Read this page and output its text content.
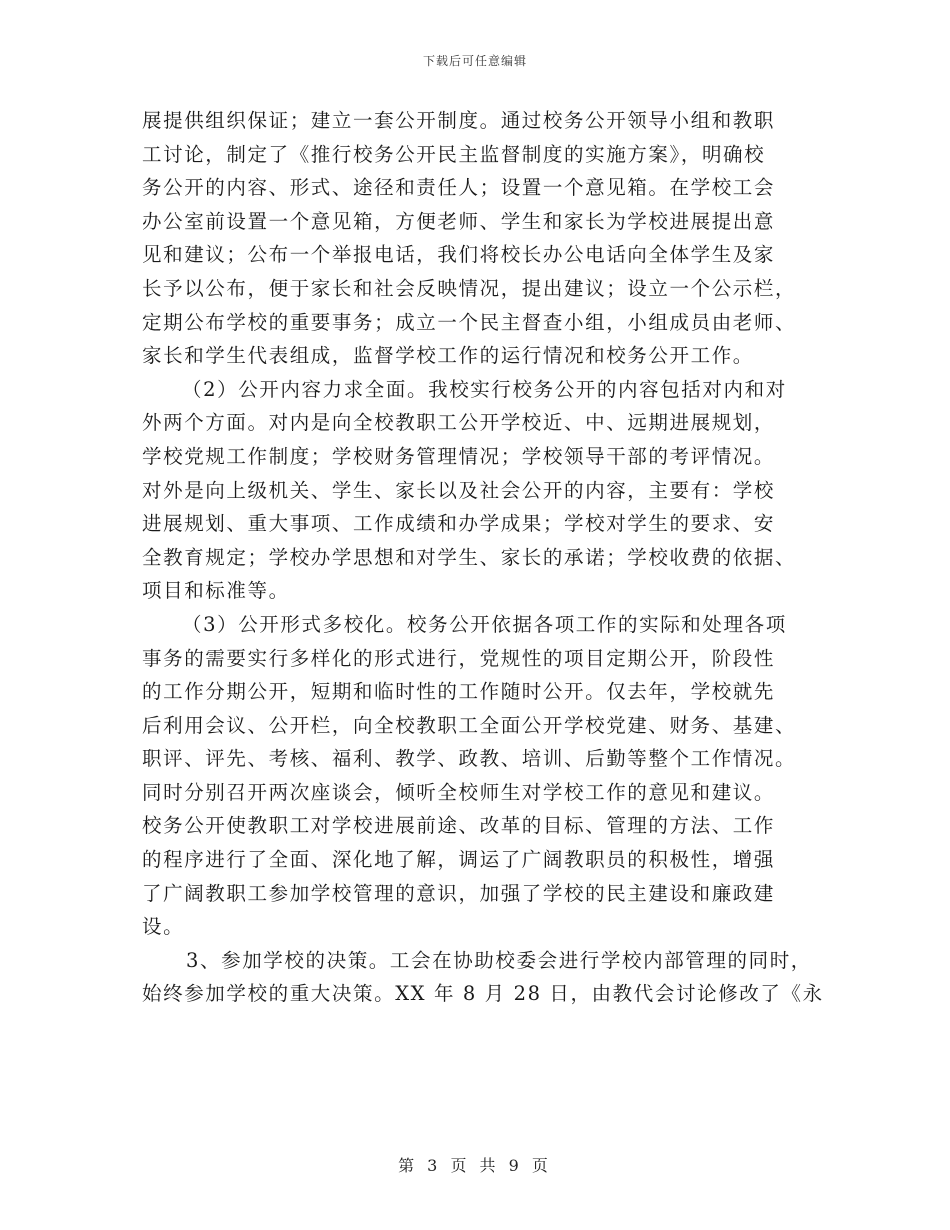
下载后可任意编辑
展提供组织保证；建立一套公开制度。通过校务公开领导小组和教职
工讨论，制定了《推行校务公开民主监督制度的实施方案》，明确校
务公开的内容、形式、途径和责任人；设置一个意见箱。在学校工会
办公室前设置一个意见箱，方便老师、学生和家长为学校进展提出意
见和建议；公布一个举报电话，我们将校长办公电话向全体学生及家
长予以公布，便于家长和社会反映情况，提出建议；设立一个公示栏，
定期公布学校的重要事务；成立一个民主督查小组，小组成员由老师、
家长和学生代表组成，监督学校工作的运行情况和校务公开工作。
（2）公开内容力求全面。我校实行校务公开的内容包括对内和对
外两个方面。对内是向全校教职工公开学校近、中、远期进展规划，
学校党规工作制度；学校财务管理情况；学校领导干部的考评情况。
对外是向上级机关、学生、家长以及社会公开的内容，主要有：学校
进展规划、重大事项、工作成绩和办学成果；学校对学生的要求、安
全教育规定；学校办学思想和对学生、家长的承诺；学校收费的依据、
项目和标准等。
（3）公开形式多校化。校务公开依据各项工作的实际和处理各项
事务的需要实行多样化的形式进行，党规性的项目定期公开，阶段性
的工作分期公开，短期和临时性的工作随时公开。仅去年，学校就先
后利用会议、公开栏，向全校教职工全面公开学校党建、财务、基建、
职评、评先、考核、福利、教学、政教、培训、后勤等整个工作情况。
同时分别召开两次座谈会，倾听全校师生对学校工作的意见和建议。
校务公开使教职工对学校进展前途、改革的目标、管理的方法、工作
的程序进行了全面、深化地了解，调运了广阔教职员的积极性，增强
了广阔教职工参加学校管理的意识，加强了学校的民主建设和廉政建
设。
3、参加学校的决策。工会在协助校委会进行学校内部管理的同时，
始终参加学校的重大决策。XX 年 8 月 28 日，由教代会讨论修改了《永
第 3 页 共 9 页
